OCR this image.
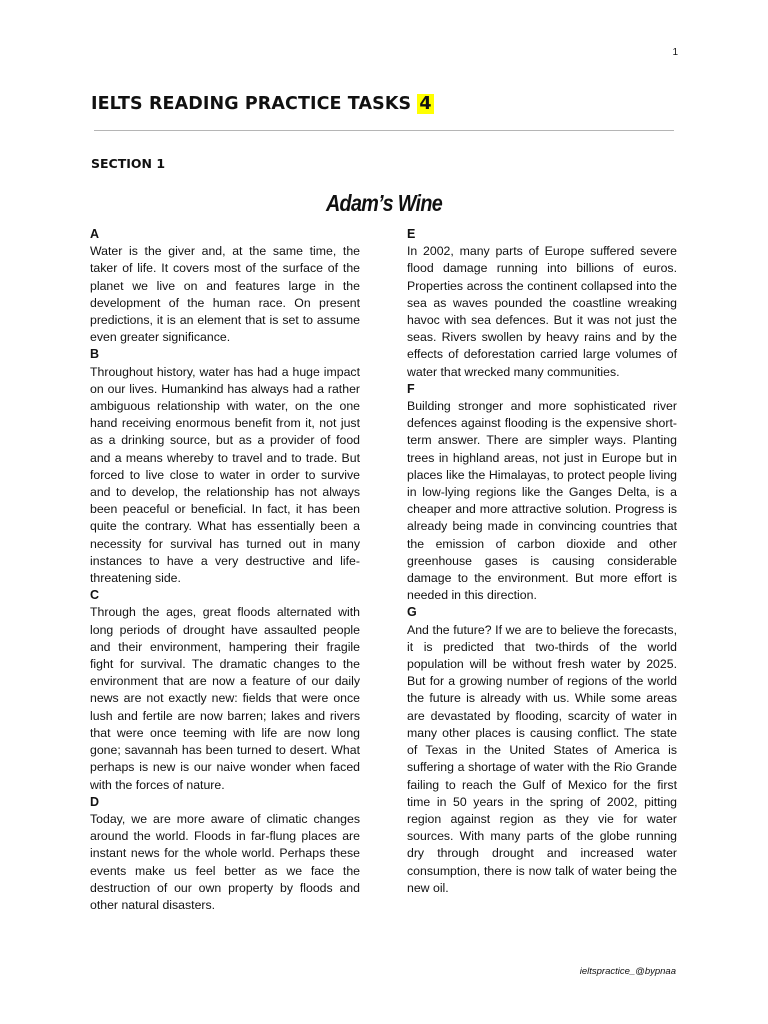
1
IELTS READING PRACTICE TASKS 4
SECTION 1
Adam’s Wine

A

Water is the giver and, at the same time, the taker of life. It covers most of the surface of the planet we live on and features large in the development of the human race. On present predictions, it is an element that is set to assume even greater significance.

B

Throughout history, water has had a huge impact on our lives. Humankind has always had a rather ambiguous relationship with water, on the one hand receiving enormous benefit from it, not just as a drinking source, but as a provider of food and a means whereby to travel and to trade. But forced to live close to water in order to survive and to develop, the relationship has not always been peaceful or beneficial. In fact, it has been quite the contrary. What has essentially been a necessity for survival has turned out in many instances to have a very destructive and life-threatening side.

C

Through the ages, great floods alternated with long periods of drought have assaulted people and their environment, hampering their fragile fight for survival. The dramatic changes to the environment that are now a feature of our daily news are not exactly new: fields that were once lush and fertile are now barren; lakes and rivers that were once teeming with life are now long gone; savannah has been turned to desert. What perhaps is new is our naive wonder when faced with the forces of nature.

D

Today, we are more aware of climatic changes around the world. Floods in far-flung places are instant news for the whole world. Perhaps these events make us feel better as we face the destruction of our own property by floods and other natural disasters.

E

In 2002, many parts of Europe suffered severe flood damage running into billions of euros. Properties across the continent collapsed into the sea as waves pounded the coastline wreaking havoc with sea defences. But it was not just the seas. Rivers swollen by heavy rains and by the effects of deforestation carried large volumes of water that wrecked many communities.

F

Building stronger and more sophisticated river defences against flooding is the expensive short-term answer. There are simpler ways. Planting trees in highland areas, not just in Europe but in places like the Himalayas, to protect people living in low-lying regions like the Ganges Delta, is a cheaper and more attractive solution. Progress is already being made in convincing countries that the emission of carbon dioxide and other greenhouse gases is causing considerable damage to the environment. But more effort is needed in this direction.

G

And the future? If we are to believe the forecasts, it is predicted that two-thirds of the world population will be without fresh water by 2025. But for a growing number of regions of the world the future is already with us. While some areas are devastated by flooding, scarcity of water in many other places is causing conflict. The state of Texas in the United States of America is suffering a shortage of water with the Rio Grande failing to reach the Gulf of Mexico for the first time in 50 years in the spring of 2002, pitting region against region as they vie for water sources. With many parts of the globe running dry through drought and increased water consumption, there is now talk of water being the new oil.

ieltspractice_@bypnaa
